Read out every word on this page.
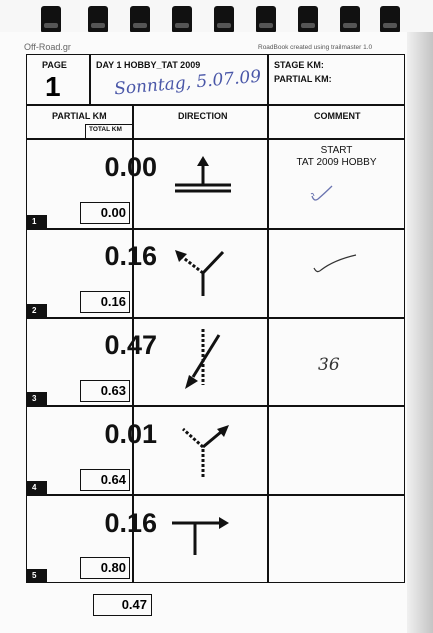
Off-Road.gr	RoadBook created using trailmaster 1.0
PAGE
1
DAY 1 HOBBY_TAT 2009
Sonntag, 5.07.09
STAGE KM:
PARTIAL KM:
PARTIAL KM
TOTAL KM
DIRECTION	COMMENT
0.00
0.00
1
START
TAT 2009 HOBBY
0.16
0.16
2
0.47
0.63
3
36
0.01
0.64
4
0.16
0.80
5
0.47
